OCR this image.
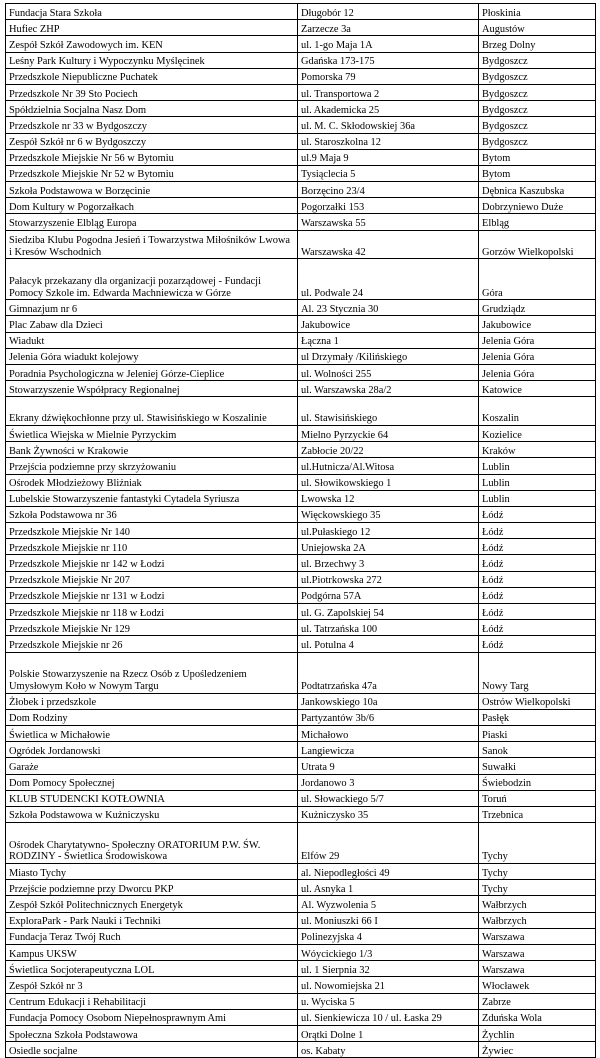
Fundacja Stara Szkoła	Długobór 12	Płoskinia
Hufiec ZHP	Zarzecze 3a	Augustów
Zespół Szkół Zawodowych im. KEN	ul. 1-go Maja 1A	Brzeg Dolny
Leśny Park Kultury i Wypoczynku Myślęcinek	Gdańska 173-175	Bydgoszcz
Przedszkole Niepubliczne Puchatek	Pomorska 79	Bydgoszcz
Przedszkole Nr 39 Sto Pociech	ul. Transportowa 2	Bydgoszcz
Spółdzielnia Socjalna Nasz Dom	ul. Akademicka 25	Bydgoszcz
Przedszkole nr 33 w Bydgoszczy	ul. M. C. Skłodowskiej 36a	Bydgoszcz
Zespół Szkół nr 6 w Bydgoszczy	ul. Staroszkolna 12	Bydgoszcz
Przedszkole Miejskie Nr 56 w Bytomiu	ul.9 Maja 9	Bytom
Przedszkole Miejskie Nr 52 w Bytomiu	Tysiąclecia 5	Bytom
Szkoła Podstawowa w Borzęcinie	Borzęcino 23/4	Dębnica Kaszubska
Dom Kultury w Pogorzałkach	Pogorzałki 153	Dobrzyniewo Duże
Stowarzyszenie Elbląg Europa	Warszawska 55	Elbląg
Siedziba Klubu Pogodna Jesień i Towarzystwa Miłośników Lwowa i Kresów Wschodnich	Warszawska 42	Gorzów Wielkopolski
Pałacyk przekazany dla organizacji pozarządowej - Fundacji Pomocy Szkole im. Edwarda Machniewicza w Górze	ul. Podwale 24	Góra
Gimnazjum nr 6	Al. 23 Stycznia 30	Grudziądz
Plac Zabaw dla Dzieci	Jakubowice	Jakubowice
Wiadukt	Łączna 1	Jelenia Góra
Jelenia Góra wiadukt kolejowy	ul Drzymały /Kilińskiego	Jelenia Góra
Poradnia Psychologiczna w Jeleniej Górze-Cieplice	ul. Wolności 255	Jelenia Góra
Stowarzyszenie Współpracy Regionalnej	ul. Warszawska 28a/2	Katowice
Ekrany dźwiękochłonne przy ul. Stawisińskiego w Koszalinie	ul. Stawisińskiego	Koszalin
Świetlica Wiejska w Mielnie Pyrzyckim	Mielno Pyrzyckie 64	Kozielice
Bank Żywności w Krakowie	Zabłocie 20/22	Kraków
Przejścia podziemne przy skrzyżowaniu	ul.Hutnicza/Al.Witosa	Lublin
Ośrodek Młodzieżowy Bliźniak	ul. Słowikowskiego 1	Lublin
Lubelskie Stowarzyszenie fantastyki Cytadela Syriusza	Lwowska 12	Lublin
Szkoła Podstawowa nr 36	Więckowskiego 35	Łódź
Przedszkole Miejskie Nr 140	ul.Pułaskiego 12	Łódź
Przedszkole Miejskie nr 110	Uniejowska 2A	Łódź
Przedszkole Miejskie nr 142 w Łodzi	ul. Brzechwy 3	Łódź
Przedszkole Miejskie Nr 207	ul.Piotrkowska 272	Łódź
Przedszkole Miejskie nr 131 w Łodzi	Podgórna 57A	Łódź
Przedszkole Miejskie nr 118 w Łodzi	ul. G. Zapolskiej 54	Łódź
Przedszkole Miejskie Nr 129	ul. Tatrzańska 100	Łódź
Przedszkole Miejskie nr 26	ul. Potulna 4	Łódź
Polskie Stowarzyszenie na Rzecz Osób z Upośledzeniem Umysłowym Koło w Nowym Targu	Podtatrzańska 47a	Nowy Targ
Żłobek i przedszkole	Jankowskiego 10a	Ostrów Wielkopolski
Dom Rodziny	Partyzantów 3b/6	Pasłęk
Świetlica w Michałowie	Michałowo	Piaski
Ogródek Jordanowski	Langiewicza	Sanok
Garaże	Utrata 9	Suwałki
Dom Pomocy Społecznej	Jordanowo 3	Świebodzin
KLUB STUDENCKI KOTŁOWNIA	ul. Słowackiego 5/7	Toruń
Szkoła Podstawowa w Kużniczysku	Kużniczysko 35	Trzebnica
Ośrodek Charytatywno- Społeczny ORATORIUM P.W. ŚW. RODZINY - Świetlica Środowiskowa	Elfów 29	Tychy
Miasto Tychy	al. Niepodległości 49	Tychy
Przejście podziemne przy Dworcu PKP	ul. Asnyka 1	Tychy
Zespół Szkół Politechnicznych Energetyk	Al. Wyzwolenia 5	Wałbrzych
ExploraPark - Park Nauki i Techniki	ul. Moniuszki 66 I	Wałbrzych
Fundacja Teraz Twój Ruch	Polinezyjska 4	Warszawa
Kampus UKSW	Wóycickiego 1/3	Warszawa
Świetlica Socjoterapeutyczna LOL	ul. 1 Sierpnia 32	Warszawa
Zespół Szkół nr 3	ul. Nowomiejska 21	Włocławek
Centrum Edukacji i Rehabilitacji	u. Wyciska 5	Zabrze
Fundacja Pomocy Osobom Niepełnosprawnym Ami	ul. Sienkiewicza 10 / ul. Łaska 29	Zduńska Wola
Społeczna Szkoła Podstawowa	Orątki Dolne 1	Żychlin
Osiedle socjalne	os. Kabaty	Żywiec
